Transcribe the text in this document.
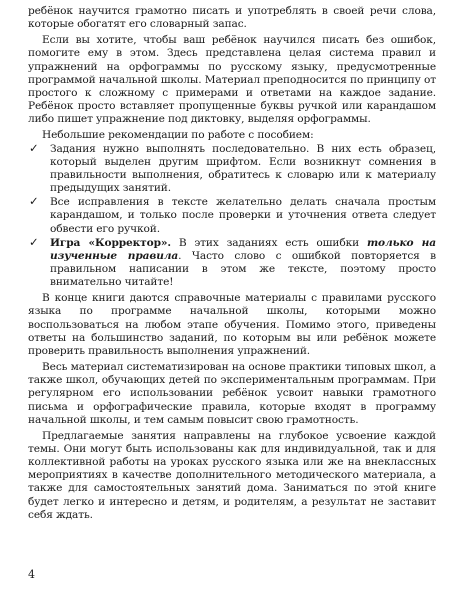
ребёнок научится грамотно писать и употреблять в своей речи слова, которые обогатят его словарный запас.

Если вы хотите, чтобы ваш ребёнок научился писать без ошибок, помогите ему в этом. Здесь представлена целая система правил и упражнений на орфограммы по русскому языку, предусмотренные программой начальной школы. Материал преподносится по принципу от простого к сложному с примерами и ответами на каждое задание. Ребёнок просто вставляет пропущенные буквы ручкой или карандашом либо пишет упражнение под диктовку, выделяя орфограммы.

Небольшие рекомендации по работе с пособием:

✓ Задания нужно выполнять последовательно. В них есть образец, который выделен другим шрифтом. Если возникнут сомнения в правильности выполнения, обратитесь к словарю или к материалу предыдущих занятий.
✓ Все исправления в тексте желательно делать сначала простым карандашом, и только после проверки и уточнения ответа следует обвести его ручкой.
✓ Игра «Корректор». В этих заданиях есть ошибки только на изученные правила. Часто слово с ошибкой повторяется в правильном написании в этом же тексте, поэтому просто внимательно читайте!

В конце книги даются справочные материалы с правилами русского языка по программе начальной школы, которыми можно воспользоваться на любом этапе обучения. Помимо этого, приведены ответы на большинство заданий, по которым вы или ребёнок можете проверить правильность выполнения упражнений.

Весь материал систематизирован на основе практики типовых школ, а также школ, обучающих детей по экспериментальным программам. При регулярном его использовании ребёнок усвоит навыки грамотного письма и орфографические правила, которые входят в программу начальной школы, и тем самым повысит свою грамотность.

Предлагаемые занятия направлены на глубокое усвоение каждой темы. Они могут быть использованы как для индивидуальной, так и для коллективной работы на уроках русского языка или же на внеклассных мероприятиях в качестве дополнительного методического материала, а также для самостоятельных занятий дома. Заниматься по этой книге будет легко и интересно и детям, и родителям, а результат не заставит себя ждать.

4
